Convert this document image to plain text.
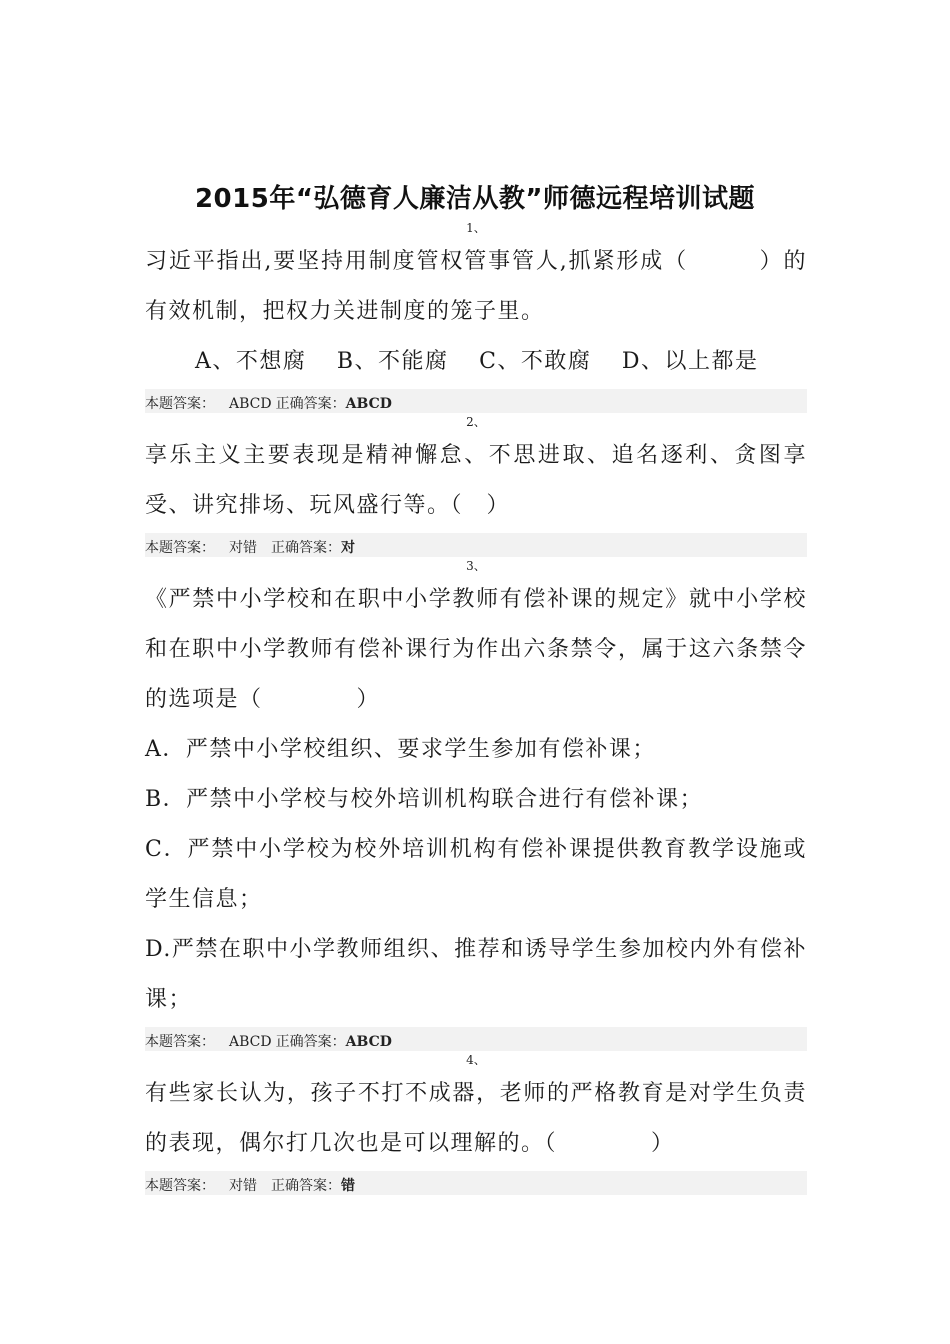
2015年“弘德育人廉洁从教”师德远程培训试题
1、

习近平指出,要坚持用制度管权管事管人,抓紧形成（　　　）的有效机制，把权力关进制度的笼子里。

A、不想腐 B、不能腐 C、不敢腐 D、以上都是

本题答案： ABCD 正确答案：ABCD
2、

享乐主义主要表现是精神懈怠、不思进取、追名逐利、贪图享受、讲究排场、玩风盛行等。（　）

本题答案： 对错 正确答案：对
3、

《严禁中小学校和在职中小学教师有偿补课的规定》就中小学校和在职中小学教师有偿补课行为作出六条禁令，属于这六条禁令的选项是（　　　　）

A．严禁中小学校组织、要求学生参加有偿补课；

B．严禁中小学校与校外培训机构联合进行有偿补课；

C．严禁中小学校为校外培训机构有偿补课提供教育教学设施或学生信息；

D.严禁在职中小学教师组织、推荐和诱导学生参加校内外有偿补课；

本题答案： ABCD 正确答案：ABCD
4、

有些家长认为，孩子不打不成器，老师的严格教育是对学生负责的表现，偶尔打几次也是可以理解的。（　　　　）

本题答案： 对错 正确答案：错
